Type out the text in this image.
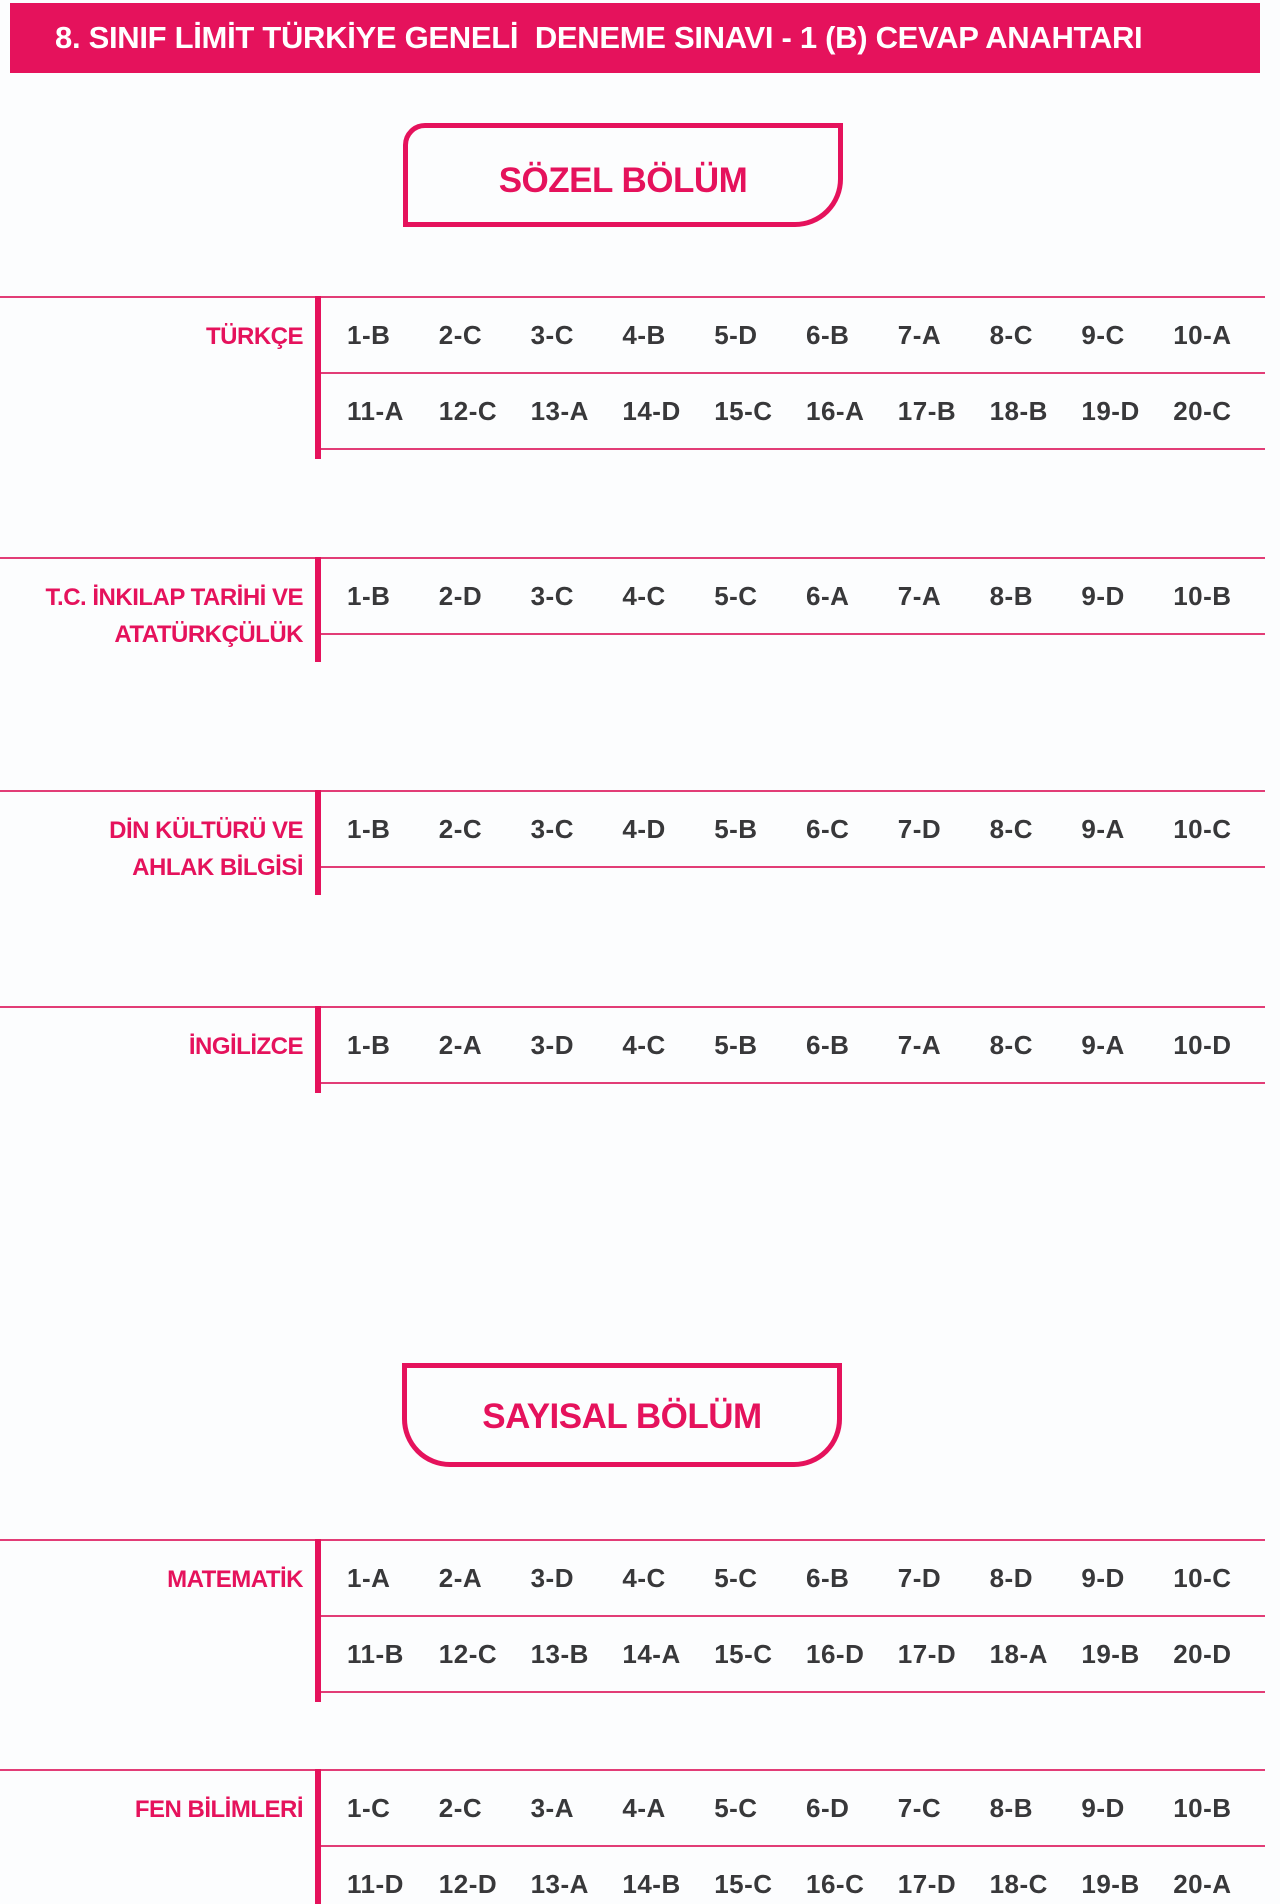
8. SINIF LİMİT TÜRKİYE GENELİ  DENEME SINAVI - 1 (B) CEVAP ANAHTARI
SÖZEL BÖLÜM
TÜRKÇE 1-B	2-C	3-C	4-B	5-D	6-B	7-A	8-C	9-C	10-A
11-A	12-C	13-A	14-D	15-C	16-A	17-B	18-B	19-D	20-C
T.C. İNKILAP TARİHİ VE
ATATÜRKÇÜLÜK
1-B	2-D	3-C	4-C	5-C	6-A	7-A	8-B	9-D	10-B
DİN KÜLTÜRÜ VE
AHLAK BİLGİSİ
1-B	2-C	3-C	4-D	5-B	6-C	7-D	8-C	9-A	10-C
İNGİLİZCE 1-B	2-A	3-D	4-C	5-B	6-B	7-A	8-C	9-A	10-D
SAYISAL BÖLÜM
MATEMATİK 1-A	2-A	3-D	4-C	5-C	6-B	7-D	8-D	9-D	10-C
11-B	12-C	13-B	14-A	15-C	16-D	17-D	18-A	19-B	20-D
FEN BİLİMLERİ 1-C	2-C	3-A	4-A	5-C	6-D	7-C	8-B	9-D	10-B
11-D	12-D	13-A	14-B	15-C	16-C	17-D	18-C	19-B	20-A
